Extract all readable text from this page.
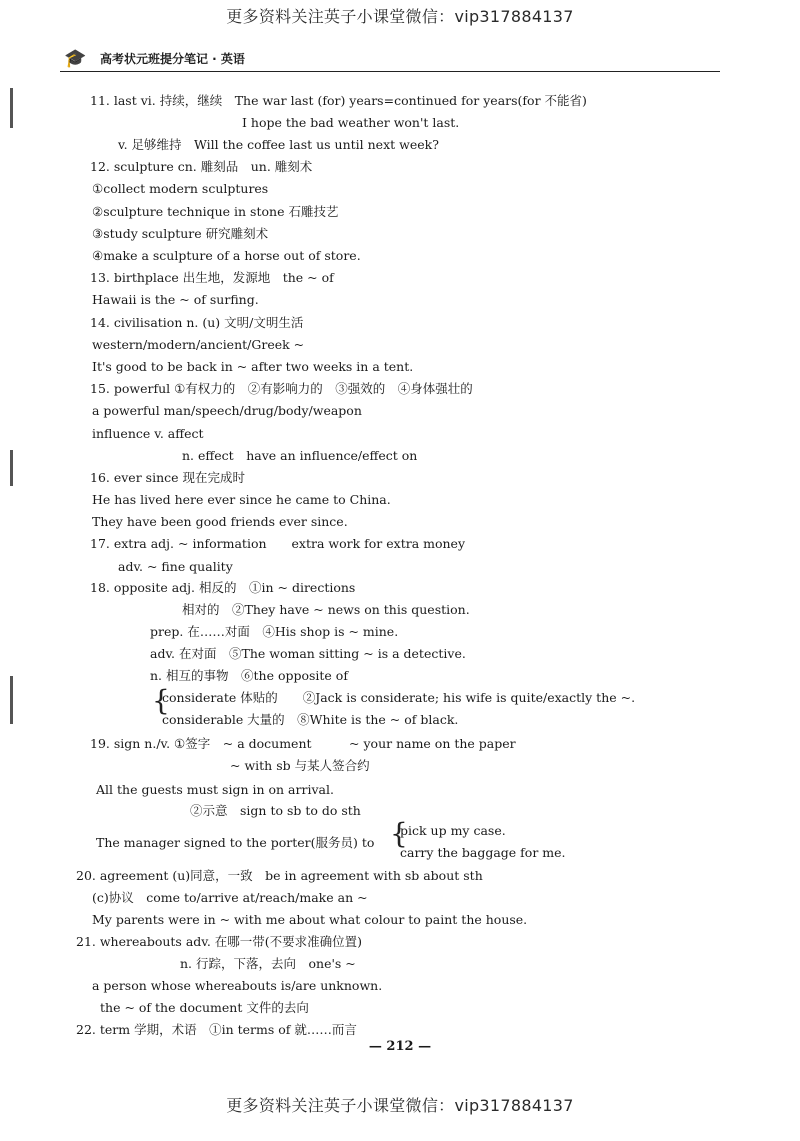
更多资料关注英子小课堂微信：vip317884137
🎓 高考状元班提分笔记 · 英语
{
{
11. last vi. 持续，继续　The war last (for) years=continued for years(for 不能省)
I hope the bad weather won't last.
v. 足够维持　Will the coffee last us until next week?
12. sculpture cn. 雕刻品　un. 雕刻术
①collect modern sculptures
②sculpture technique in stone 石雕技艺
③study sculpture 研究雕刻术
④make a sculpture of a horse out of store.
13. birthplace 出生地，发源地　the ~ of
Hawaii is the ~ of surfing.
14. civilisation n. (u) 文明/文明生活
western/modern/ancient/Greek ~
It's good to be back in ~ after two weeks in a tent.
15. powerful ①有权力的　②有影响力的　③强效的　④身体强壮的
a powerful man/speech/drug/body/weapon
influence v. affect
n. effect　have an influence/effect on
16. ever since 现在完成时
He has lived here ever since he came to China.
They have been good friends ever since.
17. extra adj. ~ information　　extra work for extra money
adv. ~ fine quality
18. opposite adj. 相反的　①in ~ directions
相对的　②They have ~ news on this question.
prep. 在……对面　④His shop is ~ mine.
adv. 在对面　⑤The woman sitting ~ is a detective.
n. 相互的事物　⑥the opposite of
considerate 体贴的　　②Jack is considerate; his wife is quite/exactly the ~.
considerable 大量的　⑧White is the ~ of black.
19. sign n./v. ①签字　~ a document　　　~ your name on the paper
~ with sb 与某人签合约
All the guests must sign in on arrival.
②示意　sign to sb to do sth
The manager signed to the porter(服务员) to
pick up my case.
carry the baggage for me.
20. agreement (u)同意，一致　be in agreement with sb about sth
(c)协议　come to/arrive at/reach/make an ~
My parents were in ~ with me about what colour to paint the house.
21. whereabouts adv. 在哪一带(不要求准确位置)
n. 行踪，下落，去向　one's ~
a person whose whereabouts is/are unknown.
the ~ of the document 文件的去向
22. term 学期，术语　①in terms of 就……而言
— 212 —
更多资料关注英子小课堂微信：vip317884137
